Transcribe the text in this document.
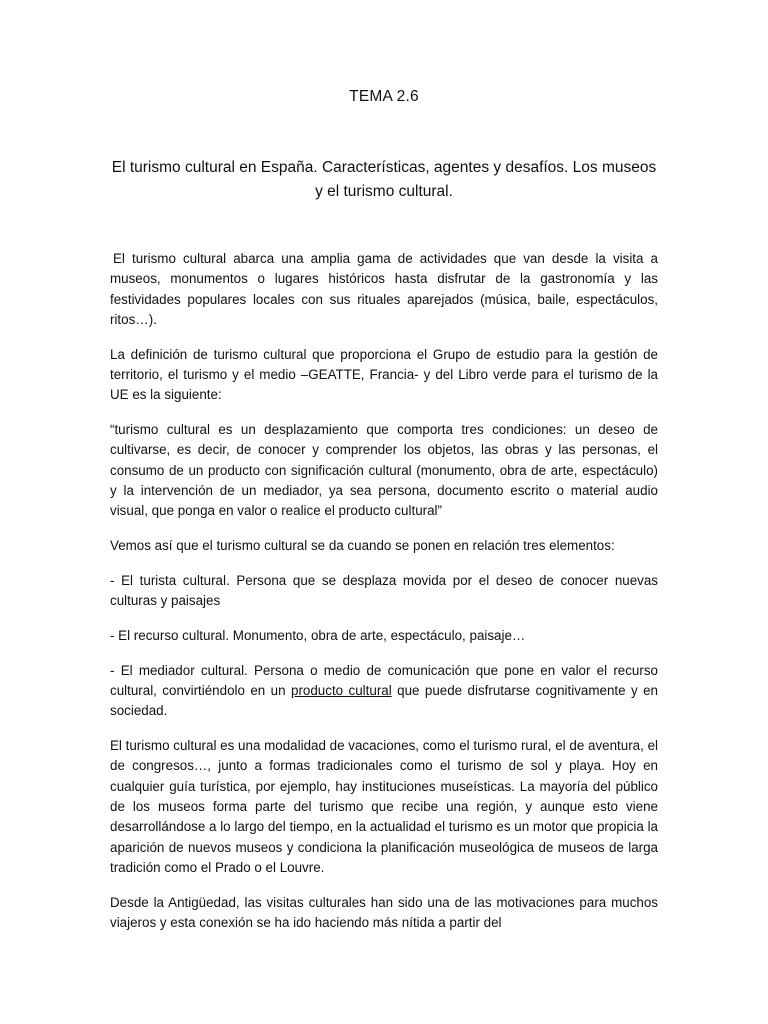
TEMA 2.6
El turismo cultural en España. Características, agentes y desafíos. Los museos y el turismo cultural.

El turismo cultural abarca una amplia gama de actividades que van desde la visita a museos, monumentos o lugares históricos hasta disfrutar de la gastronomía y las festividades populares locales con sus rituales aparejados (música, baile, espectáculos, ritos…).

La definición de turismo cultural que proporciona el Grupo de estudio para la gestión de territorio, el turismo y el medio –GEATTE, Francia- y del Libro verde para el turismo de la UE es la siguiente:

“turismo cultural es un desplazamiento que comporta tres condiciones: un deseo de cultivarse, es decir, de conocer y comprender los objetos, las obras y las personas, el consumo de un producto con significación cultural (monumento, obra de arte, espectáculo) y la intervención de un mediador, ya sea persona, documento escrito o material audio visual, que ponga en valor o realice el producto cultural”

Vemos así que el turismo cultural se da cuando se ponen en relación tres elementos:

- El turista cultural. Persona que se desplaza movida por el deseo de conocer nuevas culturas y paisajes

- El recurso cultural. Monumento, obra de arte, espectáculo, paisaje…

- El mediador cultural. Persona o medio de comunicación que pone en valor el recurso cultural, convirtiéndolo en un producto cultural que puede disfrutarse cognitivamente y en sociedad.

El turismo cultural es una modalidad de vacaciones, como el turismo rural, el de aventura, el de congresos…, junto a formas tradicionales como el turismo de sol y playa. Hoy en cualquier guía turística, por ejemplo, hay instituciones museísticas. La mayoría del público de los museos forma parte del turismo que recibe una región, y aunque esto viene desarrollándose a lo largo del tiempo, en la actualidad el turismo es un motor que propicia la aparición de nuevos museos y condiciona la planificación museológica de museos de larga tradición como el Prado o el Louvre.

Desde la Antigüedad, las visitas culturales han sido una de las motivaciones para muchos viajeros y esta conexión se ha ido haciendo más nítida a partir del
